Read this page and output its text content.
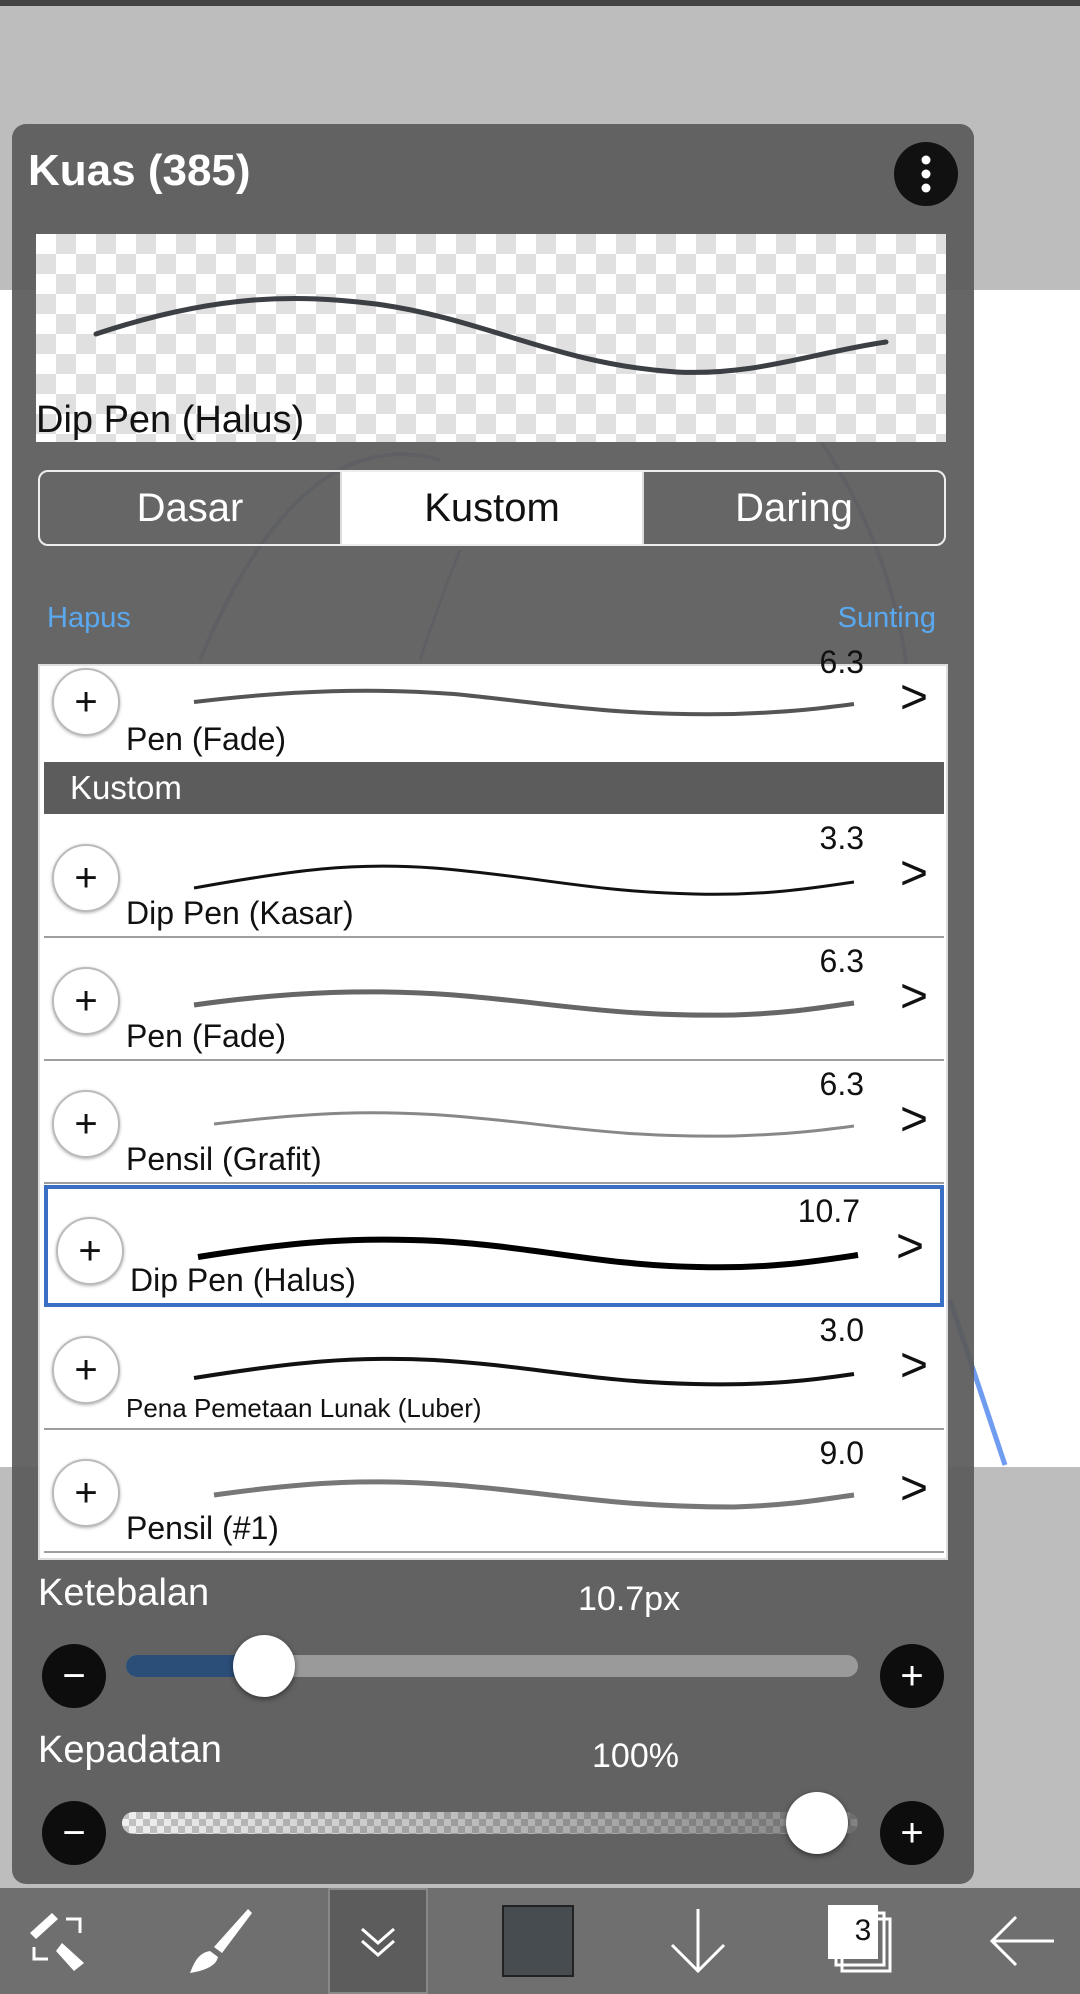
Kuas (385)
Dip Pen (Halus)
Dasar	Kustom	Daring
Hapus	Sunting
+
6.3
>
Pen (Fade)
Kustom
+
3.3
>
Dip Pen (Kasar)
+
6.3
>
Pen (Fade)
+
6.3
>
Pensil (Grafit)
+
10.7
>
Dip Pen (Halus)
+
3.0
>
Pena Pemetaan Lunak (Luber)
+
9.0
>
Pensil (#1)
Ketebalan	10.7px
−	+
Kepadatan	100%
−	+
3
